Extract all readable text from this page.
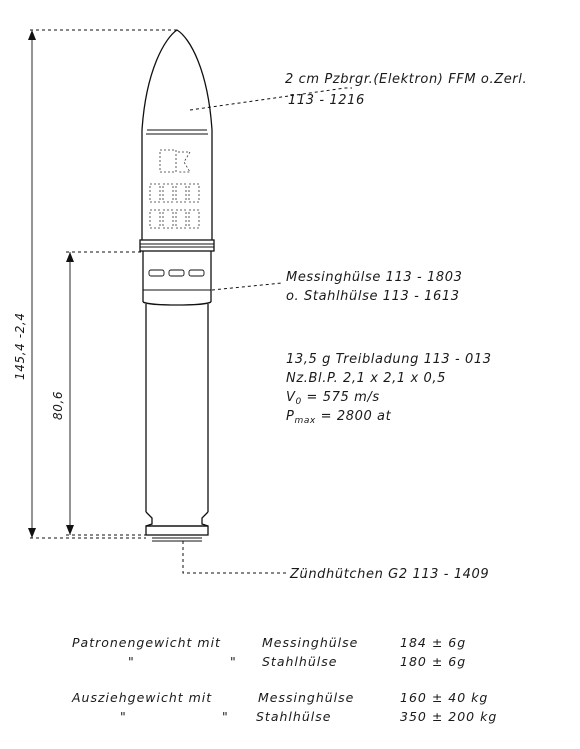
145,4 -2,4
80,6
2 cm Pzbrgr.(Elektron) FFM o.Zerl.
113 - 1216
Messinghülse 113 - 1803
o. Stahlhülse 113 - 1613
13,5 g Treibladung 113 - 013
Nz.Bl.P. 2,1 x 2,1 x 0,5
$V_0 = 575$ m/s
$P_{max} = 2800$ at
Zündhütchen G2 113 - 1409
Patronengewicht mit	Messinghülse	184 ± 6g
"	" Stahlhülse	180 ± 6g
Ausziehgewicht mit	Messinghülse	160 ± 40 kg
"	" Stahlhülse	350 ± 200 kg
